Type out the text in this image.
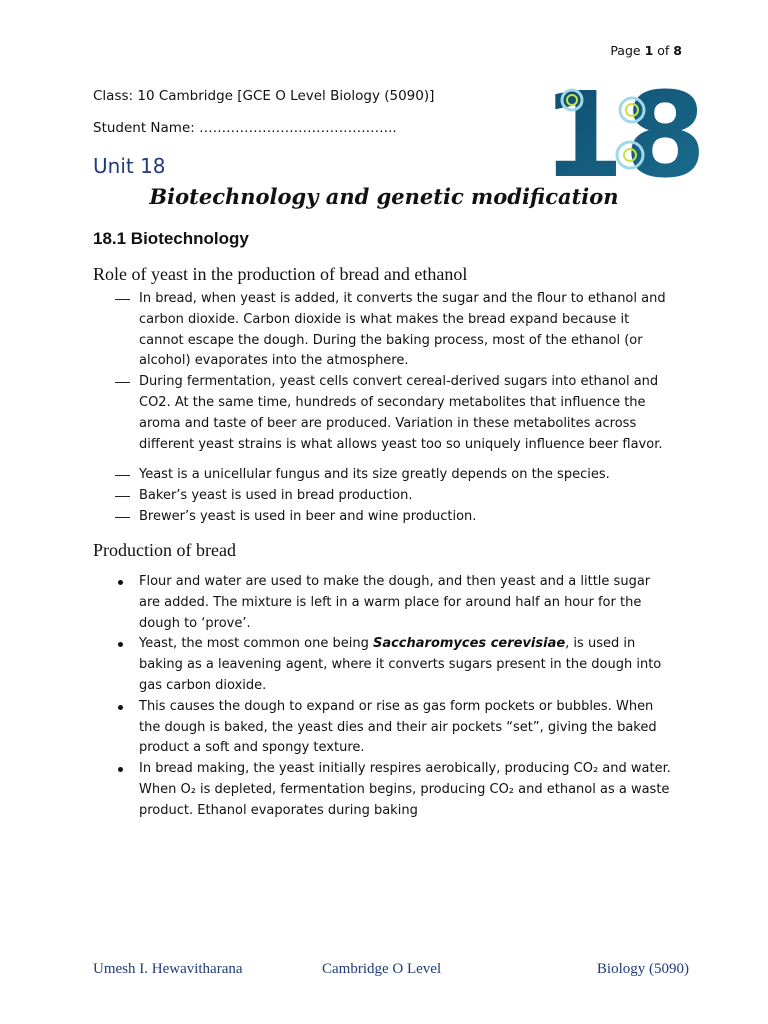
Page 1 of 8
Class: 10 Cambridge [GCE O Level Biology (5090)]
Student Name: …………………………………….. 18
Unit 18
Biotechnology and genetic modification
18.1 Biotechnology
Role of yeast in the production of bread and ethanol
In bread, when yeast is added, it converts the sugar and the flour to ethanol and carbon dioxide. Carbon dioxide is what makes the bread expand because it cannot escape the dough. During the baking process, most of the ethanol (or alcohol) evaporates into the atmosphere.
During fermentation, yeast cells convert cereal-derived sugars into ethanol and CO2. At the same time, hundreds of secondary metabolites that influence the aroma and taste of beer are produced. Variation in these metabolites across different yeast strains is what allows yeast too so uniquely influence beer flavor.
Yeast is a unicellular fungus and its size greatly depends on the species.
Baker’s yeast is used in bread production.
Brewer’s yeast is used in beer and wine production.
Production of bread
Flour and water are used to make the dough, and then yeast and a little sugar are added. The mixture is left in a warm place for around half an hour for the dough to ‘prove’.
Yeast, the most common one being Saccharomyces cerevisiae, is used in baking as a leavening agent, where it converts sugars present in the dough into gas carbon dioxide.
This causes the dough to expand or rise as gas form pockets or bubbles. When the dough is baked, the yeast dies and their air pockets “set”, giving the baked product a soft and spongy texture.
In bread making, the yeast initially respires aerobically, producing CO₂ and water. When O₂ is depleted, fermentation begins, producing CO₂ and ethanol as a waste product. Ethanol evaporates during baking
Umesh I. Hewavitharana	Cambridge O Level	Biology (5090)
